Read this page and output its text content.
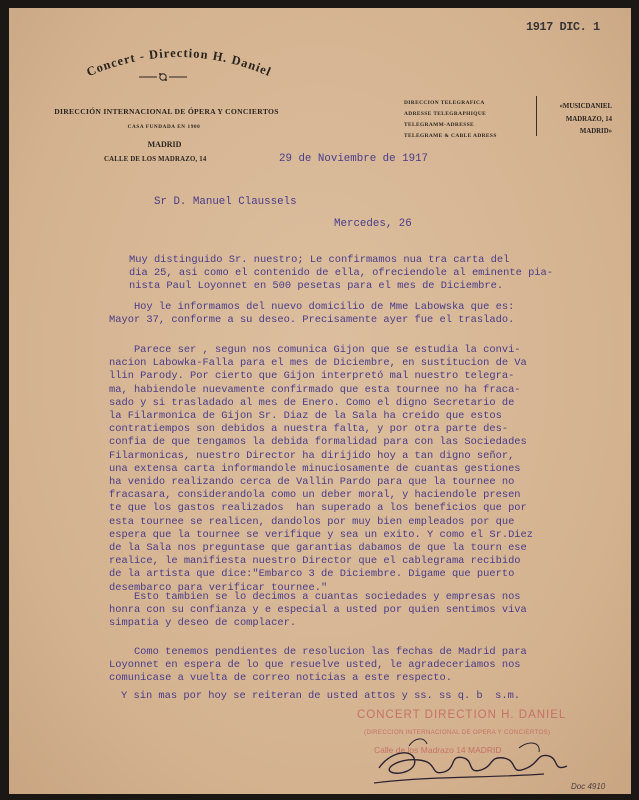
Concert - Direction H. Daniel
DIRECCIÓN INTERNACIONAL DE ÓPERA Y CONCIERTOS
CASA FUNDADA EN 1900
MADRID
CALLE DE LOS MADRAZO, 14
DIRECCION TELEGRAFICA
ADRESSE TELEGRAPHIQUE
TELEGRAMM-ADRESSE
TELEGRAME & CABLE ADRESS
«MUSICDANIEL
MADRAZO, 14
MADRID»
1917 DIC. 1
29 de Noviembre de 1917
Sr D. Manuel Claussels
Mercedes, 26
Muy distinguido Sr. nuestro; Le confirmamos nua tra carta del
dia 25, asi como el contenido de ella, ofreciendole al eminente pia-
nista Paul Loyonnet en 500 pesetas para el mes de Diciembre.
Hoy le informamos del nuevo domicilio de Mme Labowska que es:
Mayor 37, conforme a su deseo. Precisamente ayer fue el traslado.
Parece ser , segun nos comunica Gijon que se estudia la convi-
nacion Labowka-Falla para el mes de Diciembre, en sustitucion de Va
llin Parody. Por cierto que Gijon interpretó mal nuestro telegra-
ma, habiendole nuevamente confirmado que esta tournee no ha fraca-
sado y si trasladado al mes de Enero. Como el digno Secretario de
la Filarmonica de Gijon Sr. Diaz de la Sala ha creido que estos
contratiempos son debidos a nuestra falta, y por otra parte des-
confia de que tengamos la debida formalidad para con las Sociedades
Filarmonicas, nuestro Director ha dirijido hoy a tan digno señor,
una extensa carta informandole minuciosamente de cuantas gestiones
ha venido realizando cerca de Vallin Pardo para que la tournee no
fracasara, considerandola como un deber moral, y haciendole presen
te que los gastos realizados  han superado a los beneficios que por
esta tournee se realicen, dandolos por muy bien empleados por que
espera que la tournee se verifique y sea un exito. Y como el Sr.Diez
de la Sala nos preguntase que garantias dabamos de que la tourn ese
realice, le manifiesta nuestro Director que el cablegrama recibido
de la artista que dice:"Embarco 3 de Diciembre. Digame que puerto
desembarco para verificar tournee."
Esto tambien se lo decimos a cuantas sociedades y empresas nos
honra con su confianza y e especial a usted por quien sentimos viva
simpatia y deseo de complacer.
Como tenemos pendientes de resolucion las fechas de Madrid para
Loyonnet en espera de lo que resuelve usted, le agradeceriamos nos
comunicase a vuelta de correo noticias a este respecto.
Y sin mas por hoy se reiteran de usted attos y ss. ss q. b  s.m.
CONCERT DIRECTION H. DANIEL
(DIRECCIÓN INTERNACIONAL DE ÓPERA Y CONCIERTOS)
Calle de los Madrazo 14 MADRID
Doc 4910
